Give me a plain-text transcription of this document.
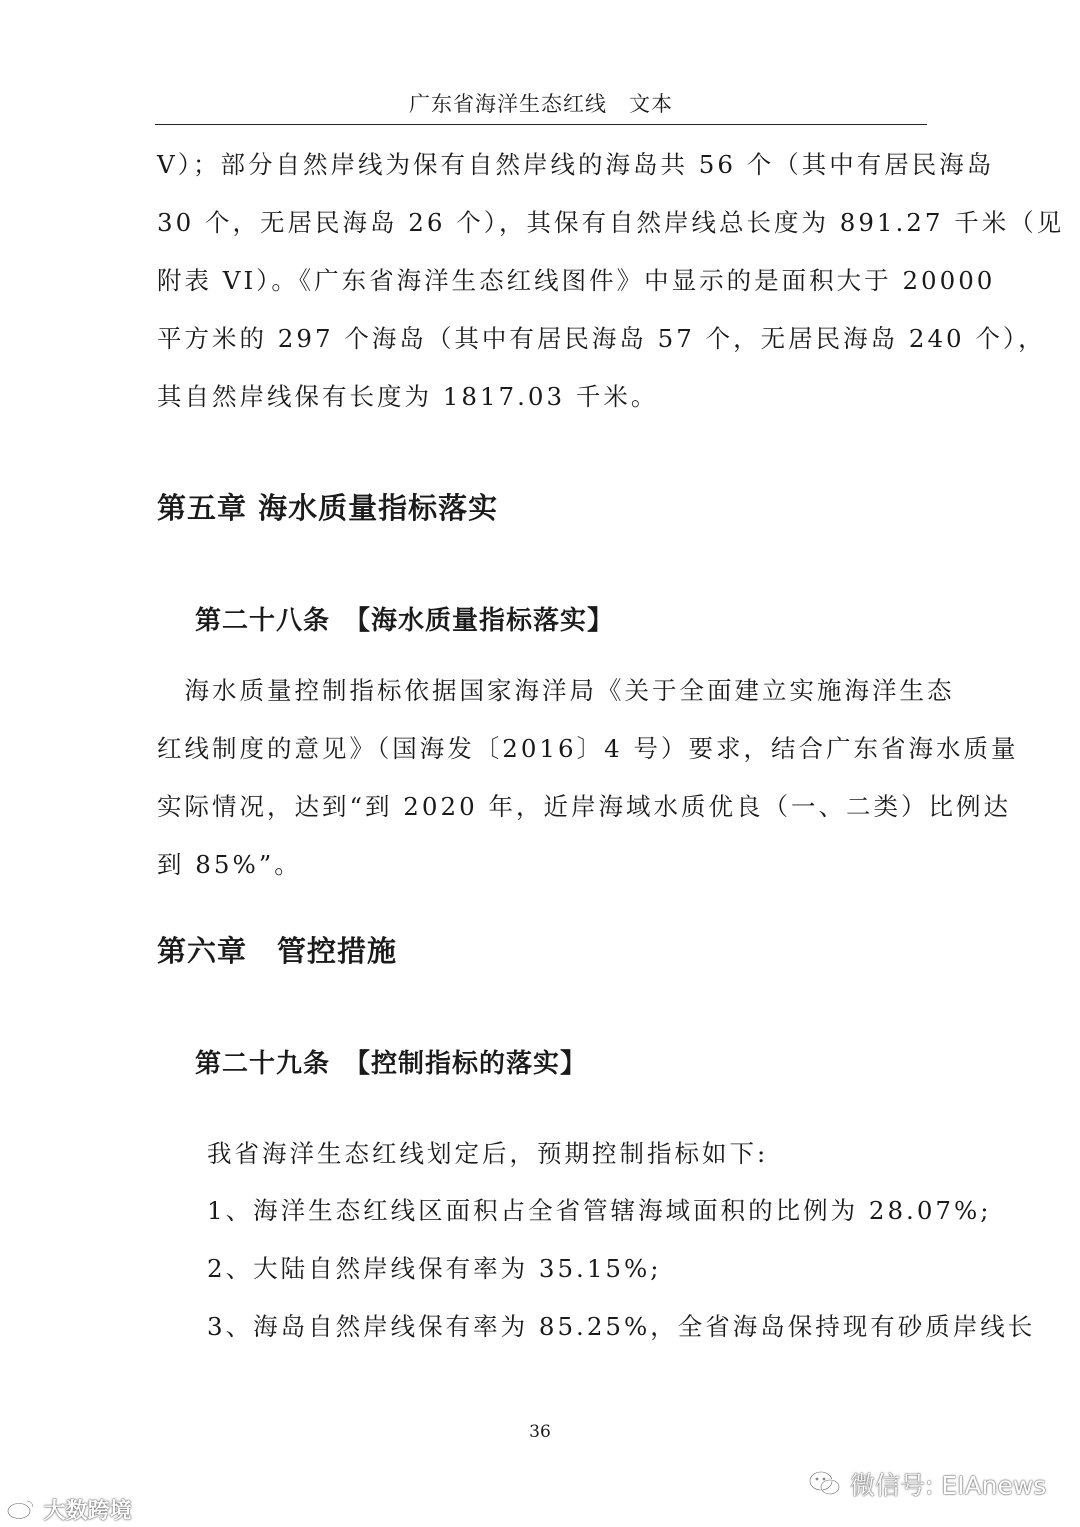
广东省海洋生态红线　文本
V）；部分自然岸线为保有自然岸线的海岛共 56 个（其中有居民海岛
30 个，无居民海岛 26 个），其保有自然岸线总长度为 891.27 千米（见
附表 VI）。《广东省海洋生态红线图件》中显示的是面积大于 20000
平方米的 297 个海岛（其中有居民海岛 57 个，无居民海岛 240 个），
其自然岸线保有长度为 1817.03 千米。
第五章 海水质量指标落实
第二十八条　【海水质量指标落实】
　海水质量控制指标依据国家海洋局《关于全面建立实施海洋生态
红线制度的意见》（国海发〔2016〕4 号）要求，结合广东省海水质量
实际情况，达到“到 2020 年，近岸海域水质优良（一、二类）比例达
到 85%”。
第六章　管控措施
第二十九条　【控制指标的落实】
我省海洋生态红线划定后，预期控制指标如下:
1、海洋生态红线区面积占全省管辖海域面积的比例为 28.07%;
2、大陆自然岸线保有率为 35.15%;
3、海岛自然岸线保有率为 85.25%，全省海岛保持现有砂质岸线长
36
大数跨境
微信号: EIAnews
